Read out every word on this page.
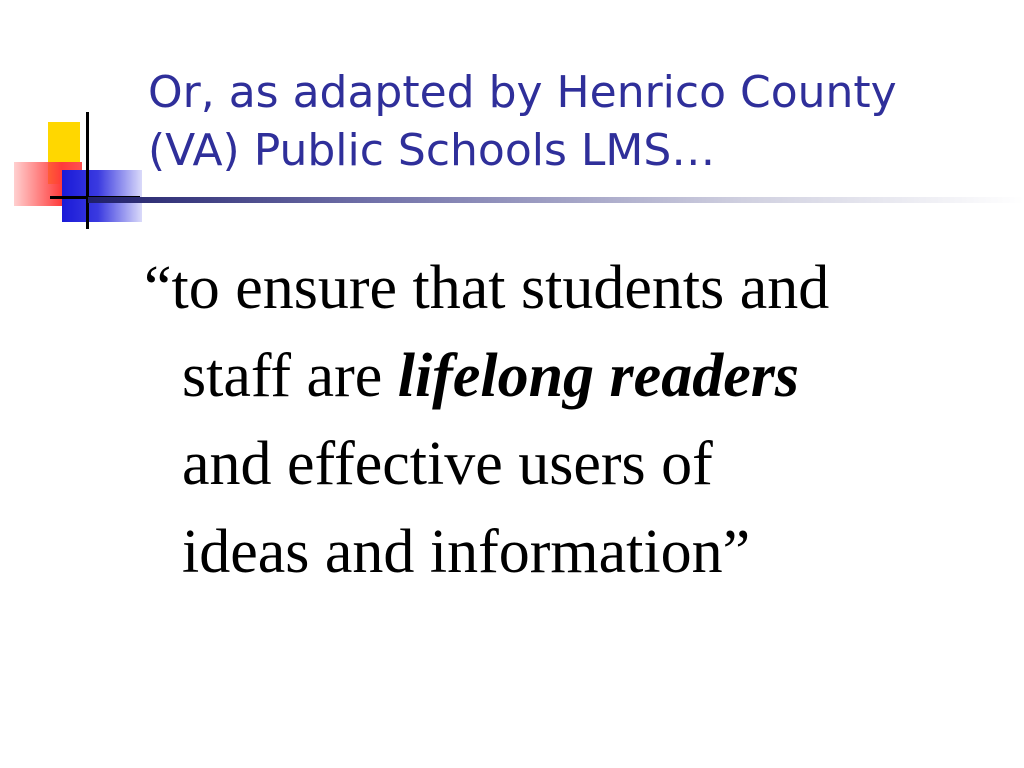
Or, as adapted by Henrico County
(VA) Public Schools LMS…

“to ensure that students and
staff are lifelong readers
and effective users of
ideas and information”
